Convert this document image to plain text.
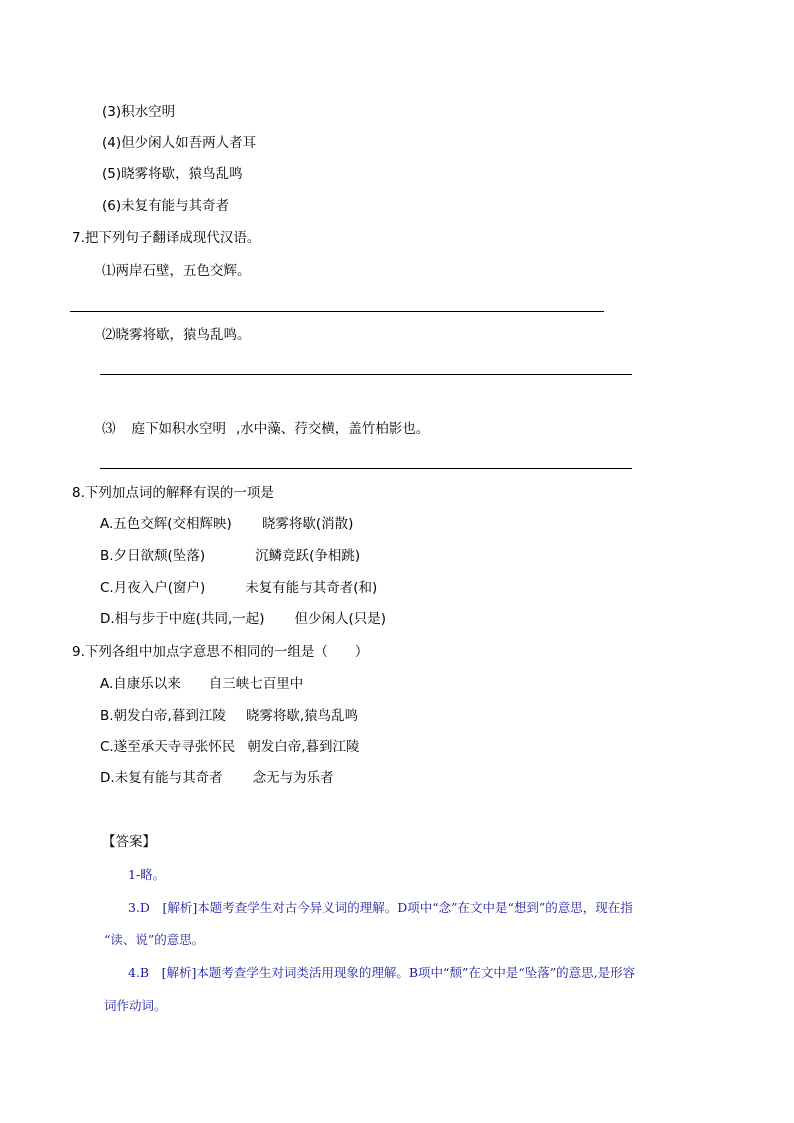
(3)积水空明
(4)但少闲人如吾两人者耳
(5)晓雾将歇，猿鸟乱鸣
(6)未复有能与其奇者
7.把下列句子翻译成现代汉语。
⑴两岸石壁，五色交辉。
⑵晓雾将歇，猿鸟乱鸣。
⑶ 庭下如积水空明 ,水中藻、荇交横，盖竹柏影也。
8.下列加点词的解释有误的一项是
A.五色交辉(交相辉映) 晓雾将歇(消散)
B.夕日欲颓(坠落)	沉鳞竞跃(争相跳)
C.月夜入户(窗户)	未复有能与其奇者(和)
D.相与步于中庭(共同,一起) 但少闲人(只是)
9.下列各组中加点字意思不相同的一组是（　　）
A.自康乐以来 自三峡七百里中
B.朝发白帝,暮到江陵 晓雾将歇,猿鸟乱鸣
C.遂至承天寺寻张怀民 朝发白帝,暮到江陵
D.未复有能与其奇者 念无与为乐者
【答案】
1-略。
3.D　[解析]本题考查学生对古今异义词的理解。D项中“念”在文中是“想到”的意思，现在指
“读、说”的意思。
4.B　[解析]本题考查学生对词类活用现象的理解。B项中“颓”在文中是“坠落”的意思,是形容
词作动词。
